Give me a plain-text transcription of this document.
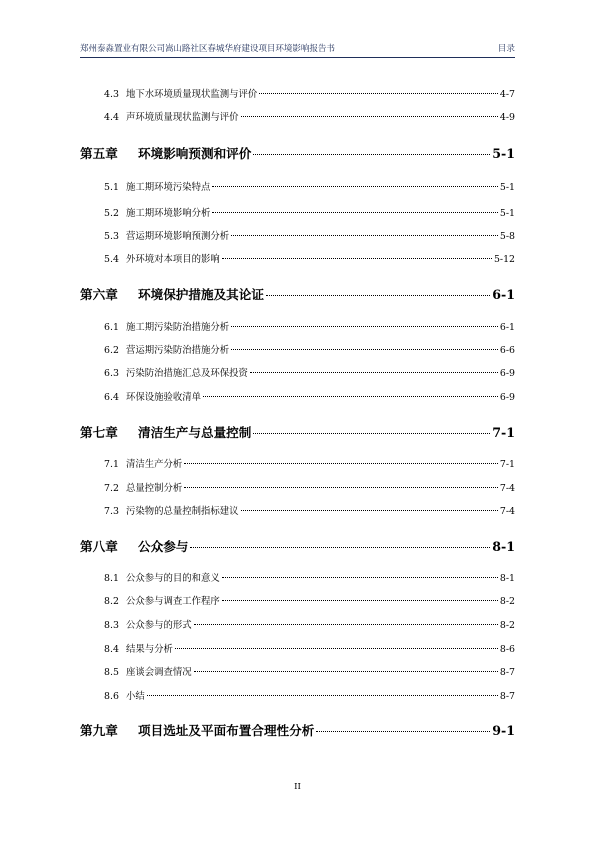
郑州泰淼置业有限公司嵩山路社区春城华府建设项目环境影响报告书	目录
4.3 地下水环境质量现状监测与评价	4-7
4.4 声环境质量现状监测与评价	4-9
第五章	环境影响预测和评价	5-1
5.1 施工期环境污染特点	5-1
5.2 施工期环境影响分析	5-1
5.3 营运期环境影响预测分析	5-8
5.4 外环境对本项目的影响	5-12
第六章	环境保护措施及其论证	6-1
6.1 施工期污染防治措施分析	6-1
6.2 营运期污染防治措施分析	6-6
6.3 污染防治措施汇总及环保投资	6-9
6.4 环保设施验收清单	6-9
第七章	清洁生产与总量控制	7-1
7.1 清洁生产分析	7-1
7.2 总量控制分析	7-4
7.3 污染物的总量控制指标建议	7-4
第八章	公众参与	8-1
8.1 公众参与的目的和意义	8-1
8.2 公众参与调查工作程序	8-2
8.3 公众参与的形式	8-2
8.4 结果与分析	8-6
8.5 座谈会调查情况	8-7
8.6 小结	8-7
第九章	项目选址及平面布置合理性分析	9-1
II
